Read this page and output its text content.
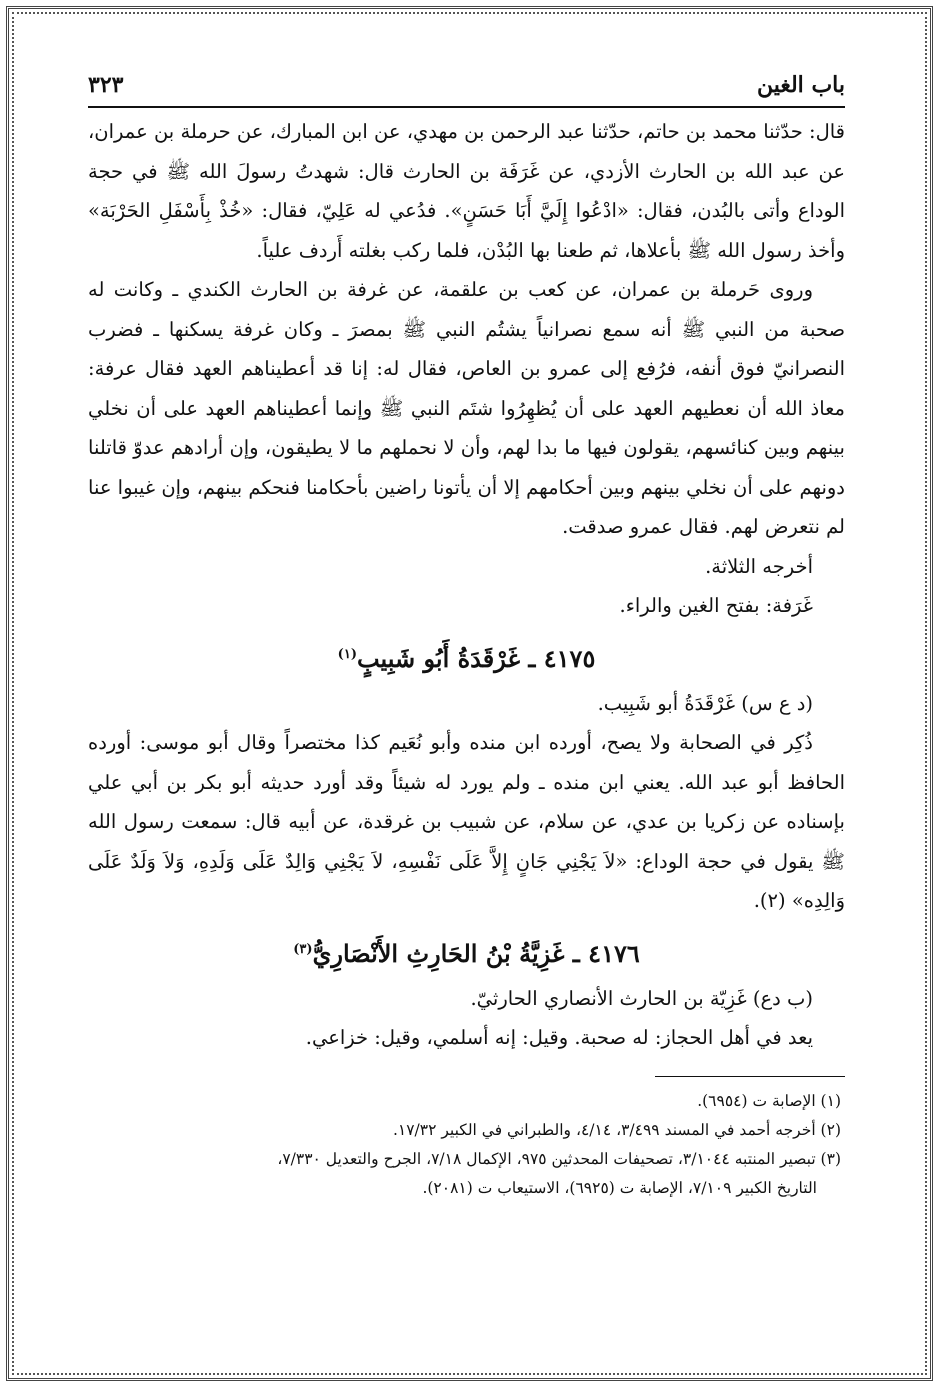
باب الغين
٣٢٣

قال: حدّثنا محمد بن حاتم، حدّثنا عبد الرحمن بن مهدي، عن ابن المبارك، عن حرملة بن عمران، عن عبد الله بن الحارث الأزدي، عن غَرَفَة بن الحارث قال: شهدتُ رسولَ الله ﷺ في حجة الوداع وأتى بالبُدن، فقال: «ادْعُوا إِلَيَّ أَبَا حَسَنٍ». فدُعي له عَلِيّ، فقال: «خُذْ بِأَسْفَلِ الحَرْبَة» وأخذ رسول الله ﷺ بأعلاها، ثم طعنا بها البُدْن، فلما ركب بغلته أَردف علياً.

وروى حَرملة بن عمران، عن كعب بن علقمة، عن غرفة بن الحارث الكندي ـ وكانت له صحبة من النبي ﷺ أنه سمع نصرانياً يشتُم النبي ﷺ بمصرَ ـ وكان غرفة يسكنها ـ فضرب النصرانيّ فوق أنفه، فرُفع إلى عمرو بن العاص، فقال له: إنا قد أعطيناهم العهد فقال عرفة: معاذ الله أن نعطيهم العهد على أن يُظهِرُوا شتَم النبي ﷺ وإنما أعطيناهم العهد على أن نخلي بينهم وبين كنائسهم، يقولون فيها ما بدا لهم، وأن لا نحملهم ما لا يطيقون، وإن أرادهم عدوّ قاتلنا دونهم على أن نخلي بينهم وبين أحكامهم إلا أن يأتونا راضين بأحكامنا فنحكم بينهم، وإن غيبوا عنا لم نتعرض لهم. فقال عمرو صدقت.

أخرجه الثلاثة.

غَرَفة: بفتح الغين والراء.

٤١٧٥ ـ غَرْقَدَةُ أَبُو شَبِيبٍ$^{(١)}$

(د ع س) غَرْقَدَةُ أبو شَبِيب.

ذُكِر في الصحابة ولا يصح، أورده ابن منده وأبو نُعَيم كذا مختصراً وقال أبو موسى: أورده الحافظ أبو عبد الله. يعني ابن منده ـ ولم يورد له شيئاً وقد أورد حديثه أبو بكر بن أبي علي بإسناده عن زكريا بن عدي، عن سلام، عن شبيب بن غرقدة، عن أبيه قال: سمعت رسول الله ﷺ يقول في حجة الوداع: «لاَ يَجْنِي جَانٍ إِلاَّ عَلَى نَفْسِهِ، لاَ يَجْنِي وَالِدٌ عَلَى وَلَدِهِ، وَلاَ وَلَدٌ عَلَى وَالِدِه» (٢).

٤١٧٦ ـ غَزِيَّةُ بْنُ الحَارِثِ الأَنْصَارِيُّ$^{(٣)}$

(ب دع) غَزِيّة بن الحارث الأنصاري الحارثيّ.

يعد في أهل الحجاز: له صحبة. وقيل: إنه أسلمي، وقيل: خزاعي.

(١) الإصابة ت (٦٩٥٤).

(٢) أخرجه أحمد في المسند ٣/٤٩٩، ٤/١٤، والطبراني في الكبير ١٧/٣٢.

(٣) تبصير المنتبه ٣/١٠٤٤، تصحيفات المحدثين ٩٧٥، الإكمال ٧/١٨، الجرح والتعديل ٧/٣٣٠،
التاريخ الكبير ٧/١٠٩، الإصابة ت (٦٩٢٥)، الاستيعاب ت (٢٠٨١).
